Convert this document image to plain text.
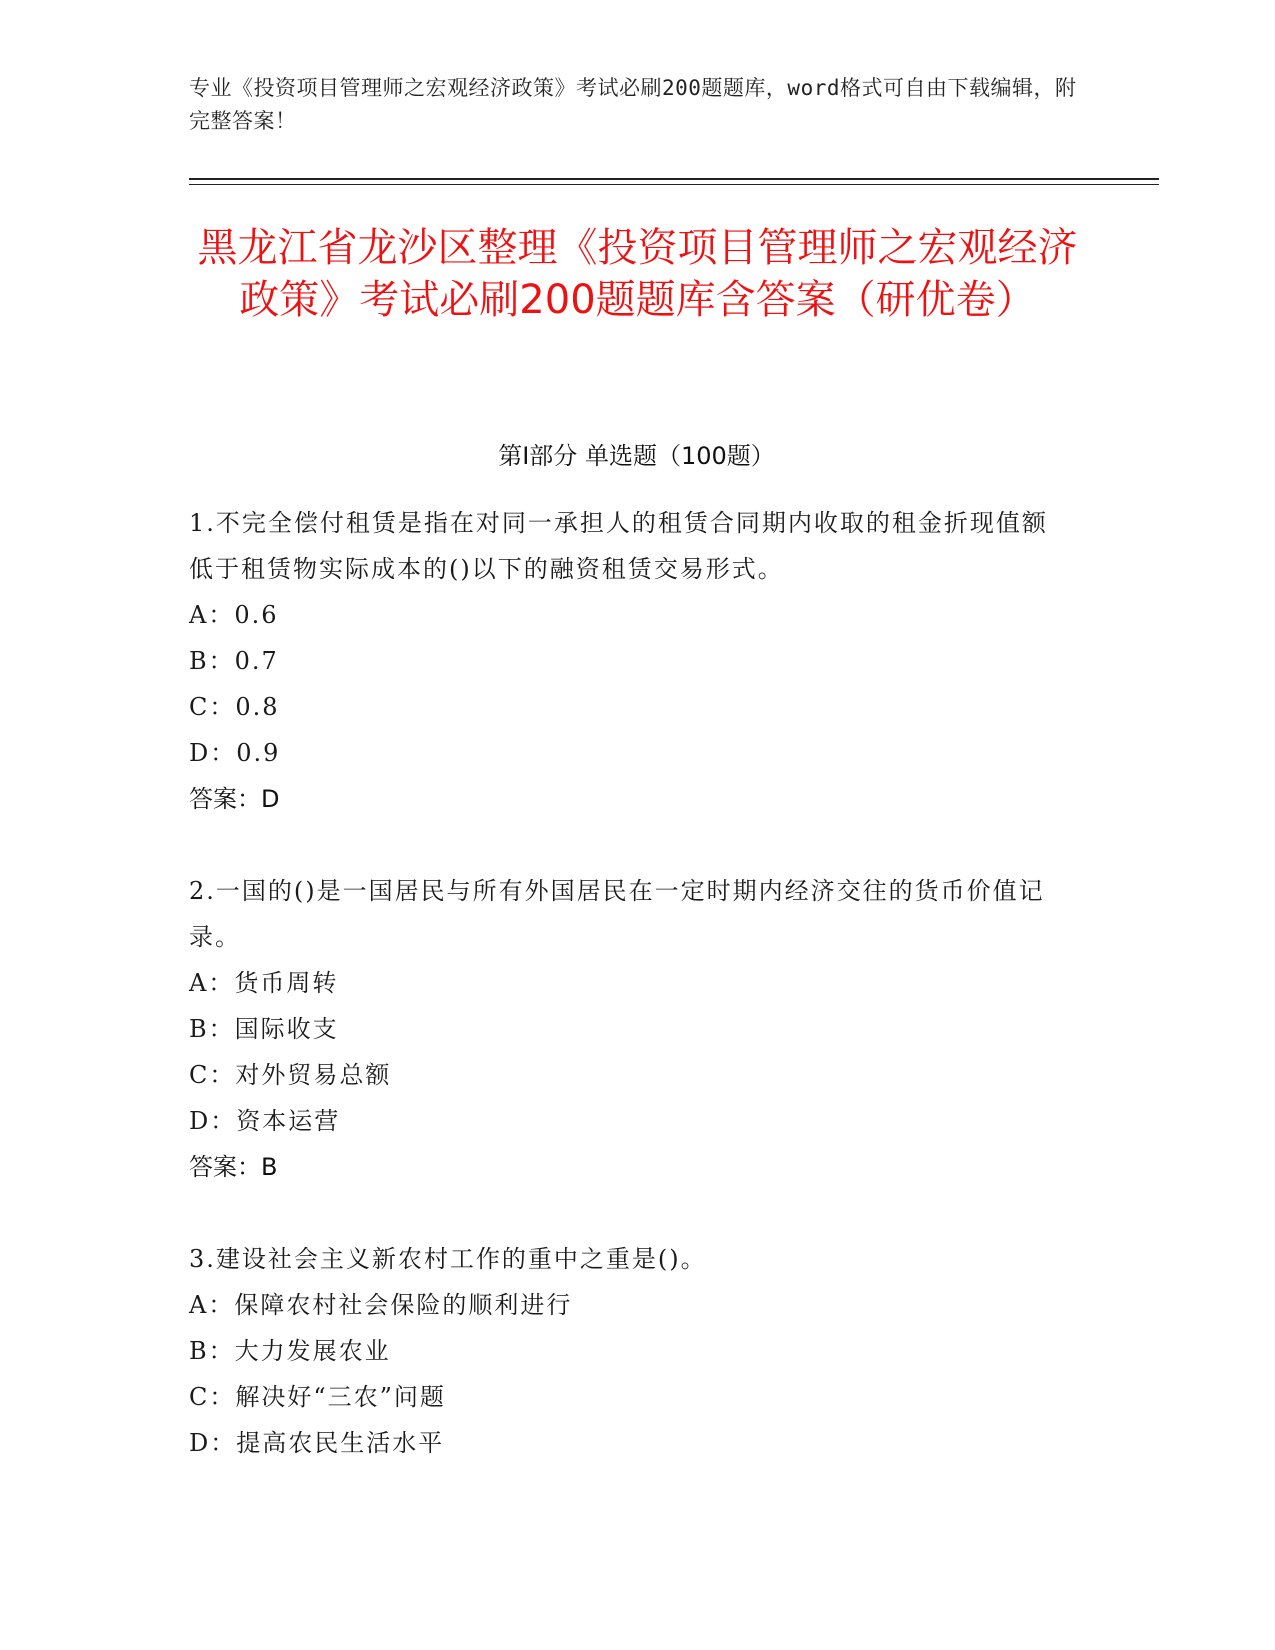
专业《投资项目管理师之宏观经济政策》考试必刷200题题库，word格式可自由下载编辑，附完整答案！
黑龙江省龙沙区整理《投资项目管理师之宏观经济政策》考试必刷200题题库含答案（研优卷）
第Ⅰ部分 单选题（100题）
1.不完全偿付租赁是指在对同一承担人的租赁合同期内收取的租金折现值额低于租赁物实际成本的()以下的融资租赁交易形式。
A：0.6
B：0.7
C：0.8
D：0.9
答案：D
2.一国的()是一国居民与所有外国居民在一定时期内经济交往的货币价值记录。
A：货币周转
B：国际收支
C：对外贸易总额
D：资本运营
答案：B
3.建设社会主义新农村工作的重中之重是()。
A：保障农村社会保险的顺利进行
B：大力发展农业
C：解决好“三农”问题
D：提高农民生活水平
